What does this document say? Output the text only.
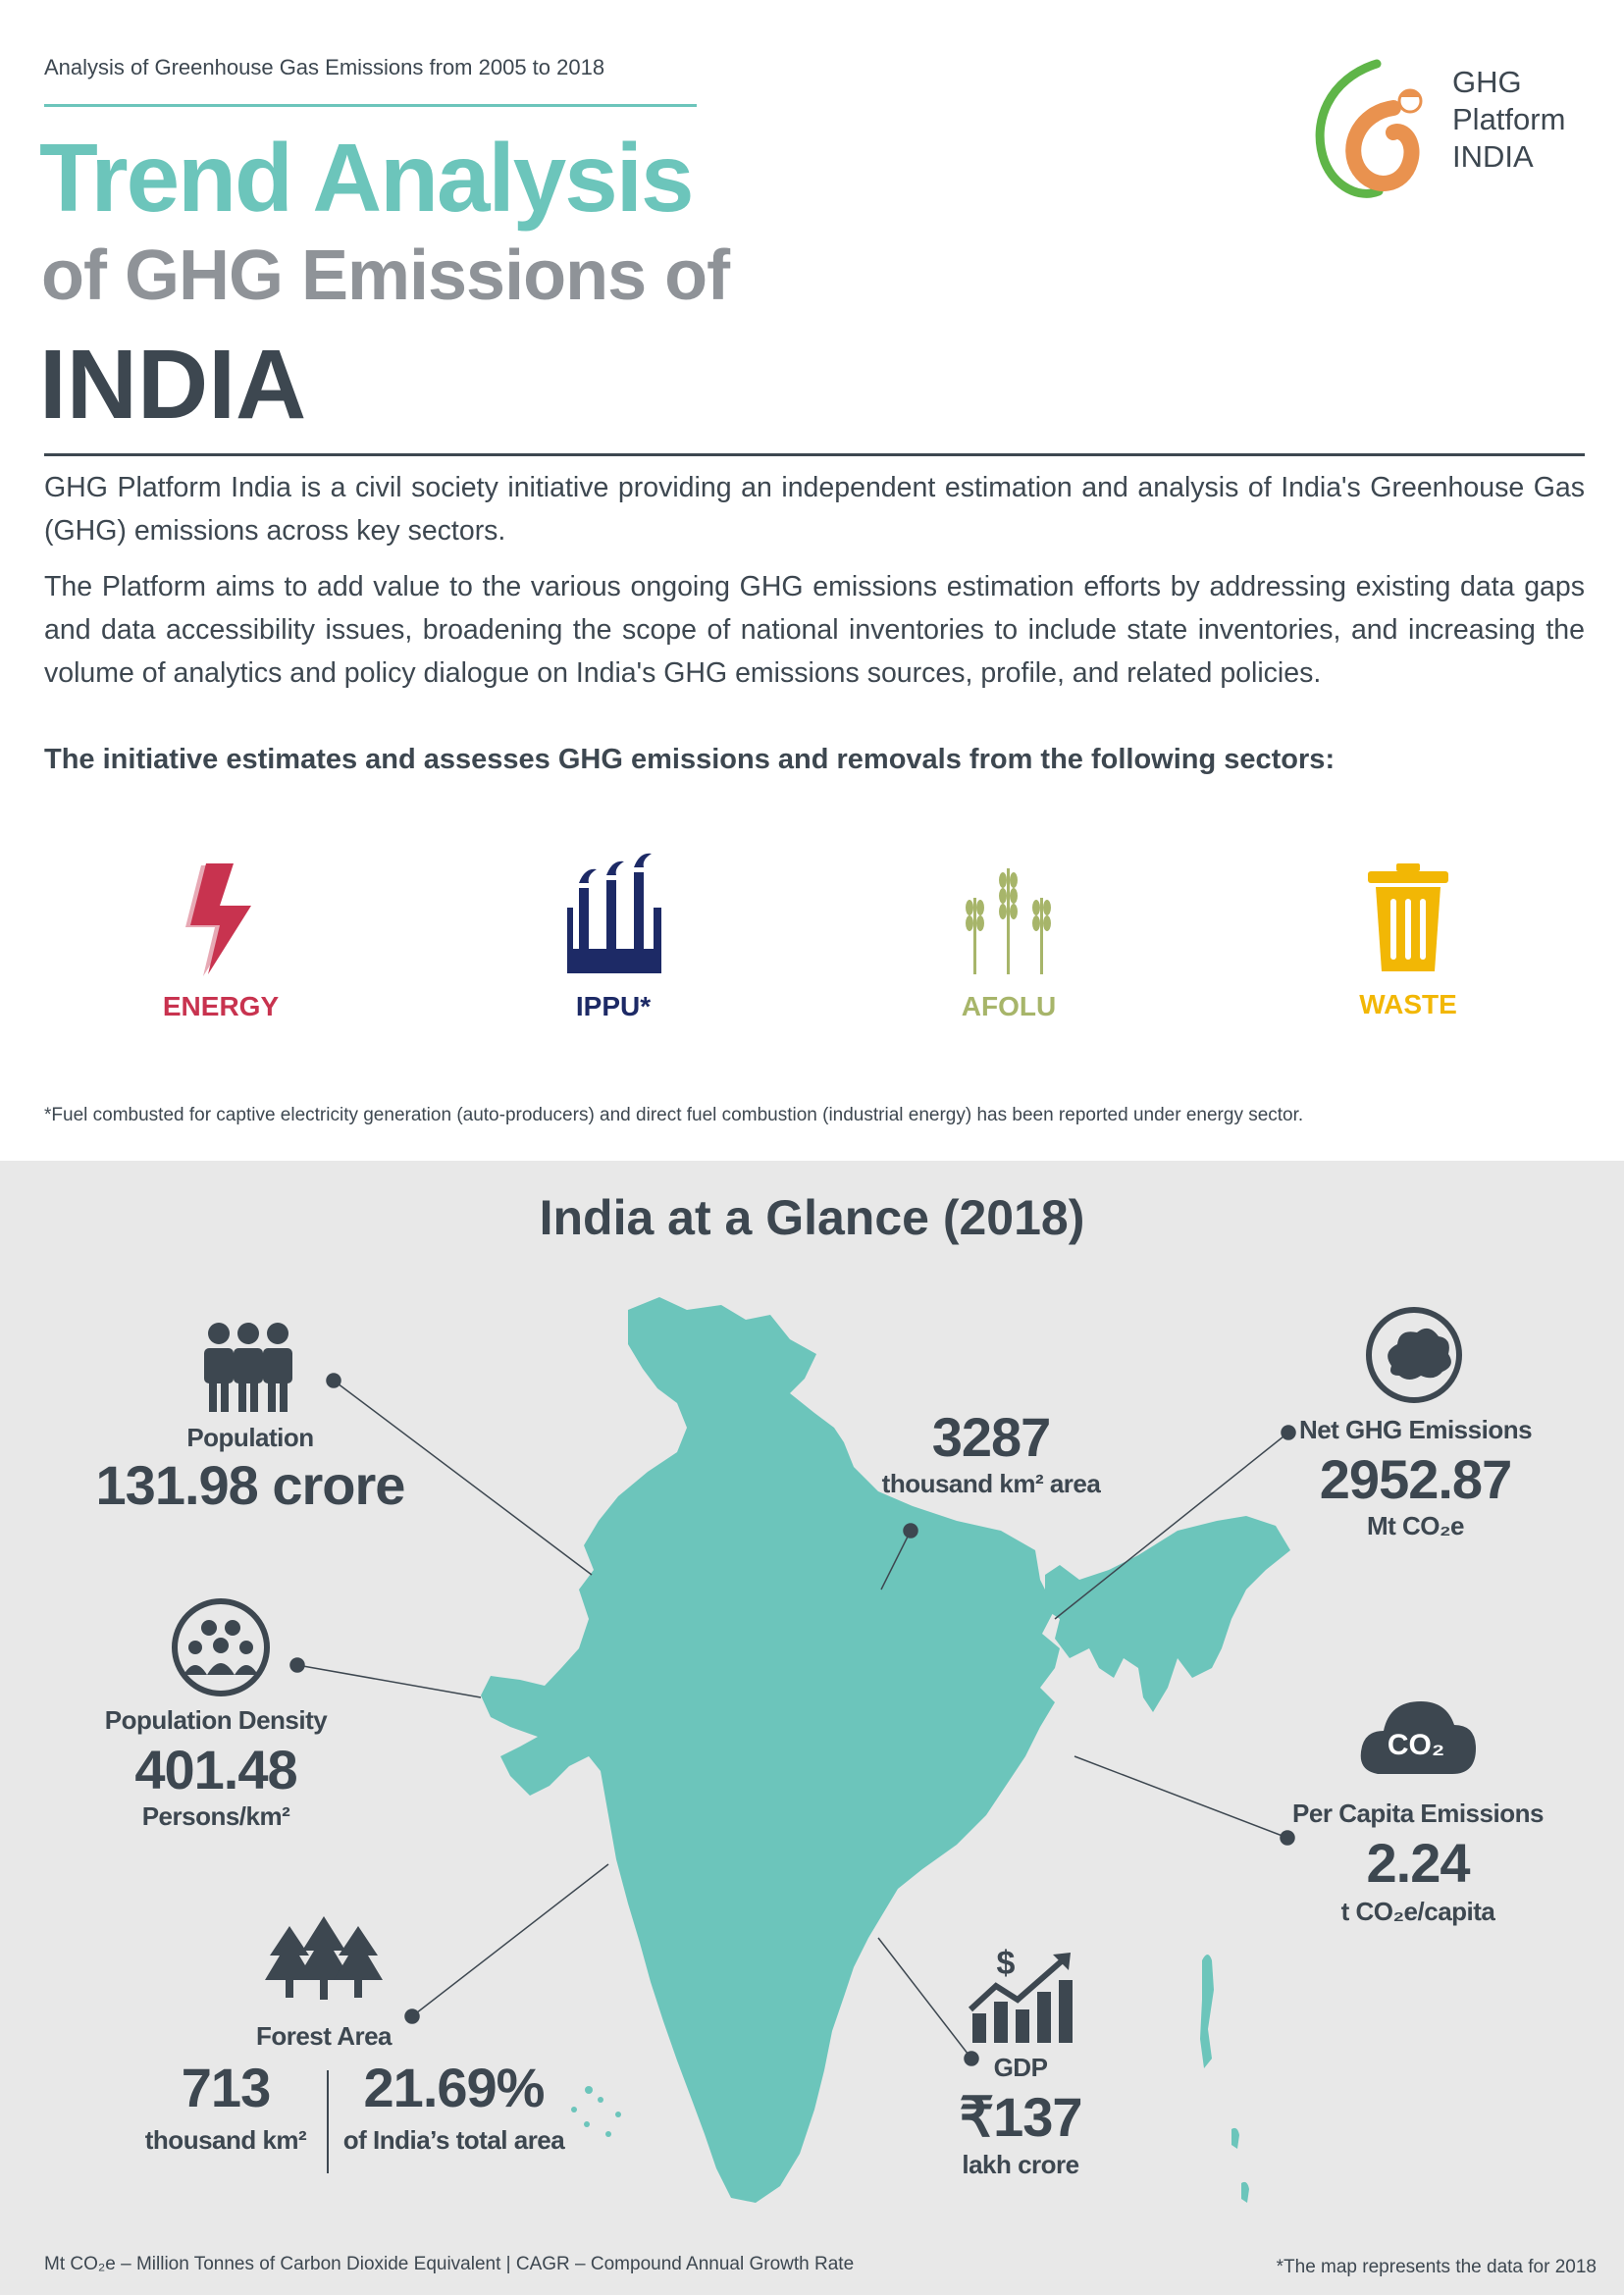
Analysis of Greenhouse Gas Emissions from 2005 to 2018
Trend Analysis
of GHG Emissions of
INDIA
GHG
Platform
INDIA
GHG Platform India is a civil society initiative providing an independent estimation and analysis of India's Greenhouse Gas (GHG) emissions across key sectors.
The Platform aims to add value to the various ongoing GHG emissions estimation efforts by addressing existing data gaps and data accessibility issues, broadening the scope of national inventories to include state inventories, and increasing the volume of analytics and policy dialogue on India's GHG emissions sources, profile, and related policies.
The initiative estimates and assesses GHG emissions and removals from the following sectors:
ENERGY	IPPU*	AFOLU	WASTE
*Fuel combusted for captive electricity generation (auto-producers) and direct fuel combustion (industrial energy) has been reported under energy sector.
India at a Glance (2018)
Population
131.98 crore
Population Density
401.48
Persons/km²
Forest Area
713
thousand km²
21.69%
of India’s total area
3287
thousand km² area
Net GHG Emissions
2952.87
Mt CO₂e
CO₂
Per Capita Emissions
2.24
t CO₂e/capita
$
GDP
₹137
lakh crore
Mt CO₂e – Million Tonnes of Carbon Dioxide Equivalent | CAGR – Compound Annual Growth Rate	*The map represents the data for 2018
